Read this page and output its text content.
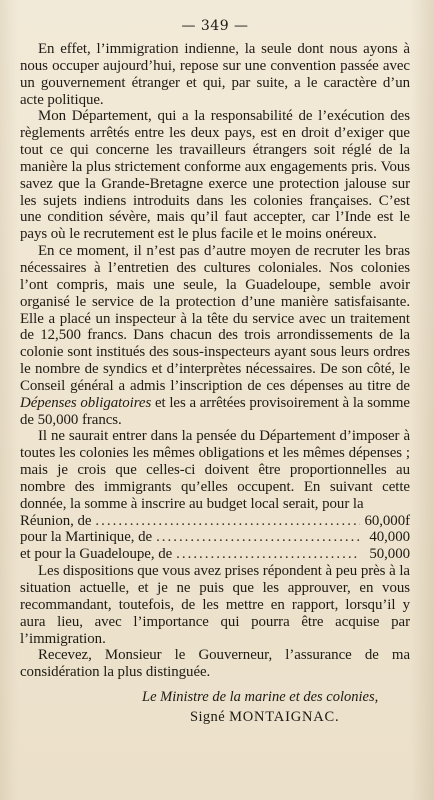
— 349 —

En effet, l’immigration indienne, la seule dont nous ayons à nous occuper aujourd’hui, repose sur une convention passée avec un gouvernement étranger et qui, par suite, a le caractère d’un acte politique.

Mon Département, qui a la responsabilité de l’exécution des règlements arrêtés entre les deux pays, est en droit d’exiger que tout ce qui concerne les travailleurs étrangers soit réglé de la manière la plus strictement conforme aux engagements pris. Vous savez que la Grande-Bretagne exerce une protection jalouse sur les sujets indiens introduits dans les colonies françaises. C’est une condition sévère, mais qu’il faut accepter, car l’Inde est le pays où le recrutement est le plus facile et le moins onéreux.

En ce moment, il n’est pas d’autre moyen de recruter les bras nécessaires à l’entretien des cultures coloniales. Nos colonies l’ont compris, mais une seule, la Guadeloupe, semble avoir organisé le service de la protection d’une manière satisfaisante. Elle a placé un inspecteur à la tête du service avec un traitement de 12,500 francs. Dans chacun des trois arrondissements de la colonie sont institués des sous-inspecteurs ayant sous leurs ordres le nombre de syndics et d’interprètes nécessaires. De son côté, le Conseil général a admis l’inscription de ces dépenses au titre de Dépenses obligatoires et les a arrêtées provisoirement à la somme de 50,000 francs.

Il ne saurait entrer dans la pensée du Département d’imposer à toutes les colonies les mêmes obligations et les mêmes dépenses ; mais je crois que celles-ci doivent être proportionnelles au nombre des immigrants qu’elles occupent. En suivant cette donnée, la somme à inscrire au budget local serait, pour la

Réunion, de .....	60,000f
pour la Martinique, de .....	40,000
et pour la Guadeloupe, de .....	50,000

Les dispositions que vous avez prises répondent à peu près à la situation actuelle, et je ne puis que les approuver, en vous recommandant, toutefois, de les mettre en rapport, lorsqu’il y aura lieu, avec l’importance qui pourra être acquise par l’immigration.

Recevez, Monsieur le Gouverneur, l’assurance de ma considération la plus distinguée.

Le Ministre de la marine et des colonies,
Signé MONTAIGNAC.
